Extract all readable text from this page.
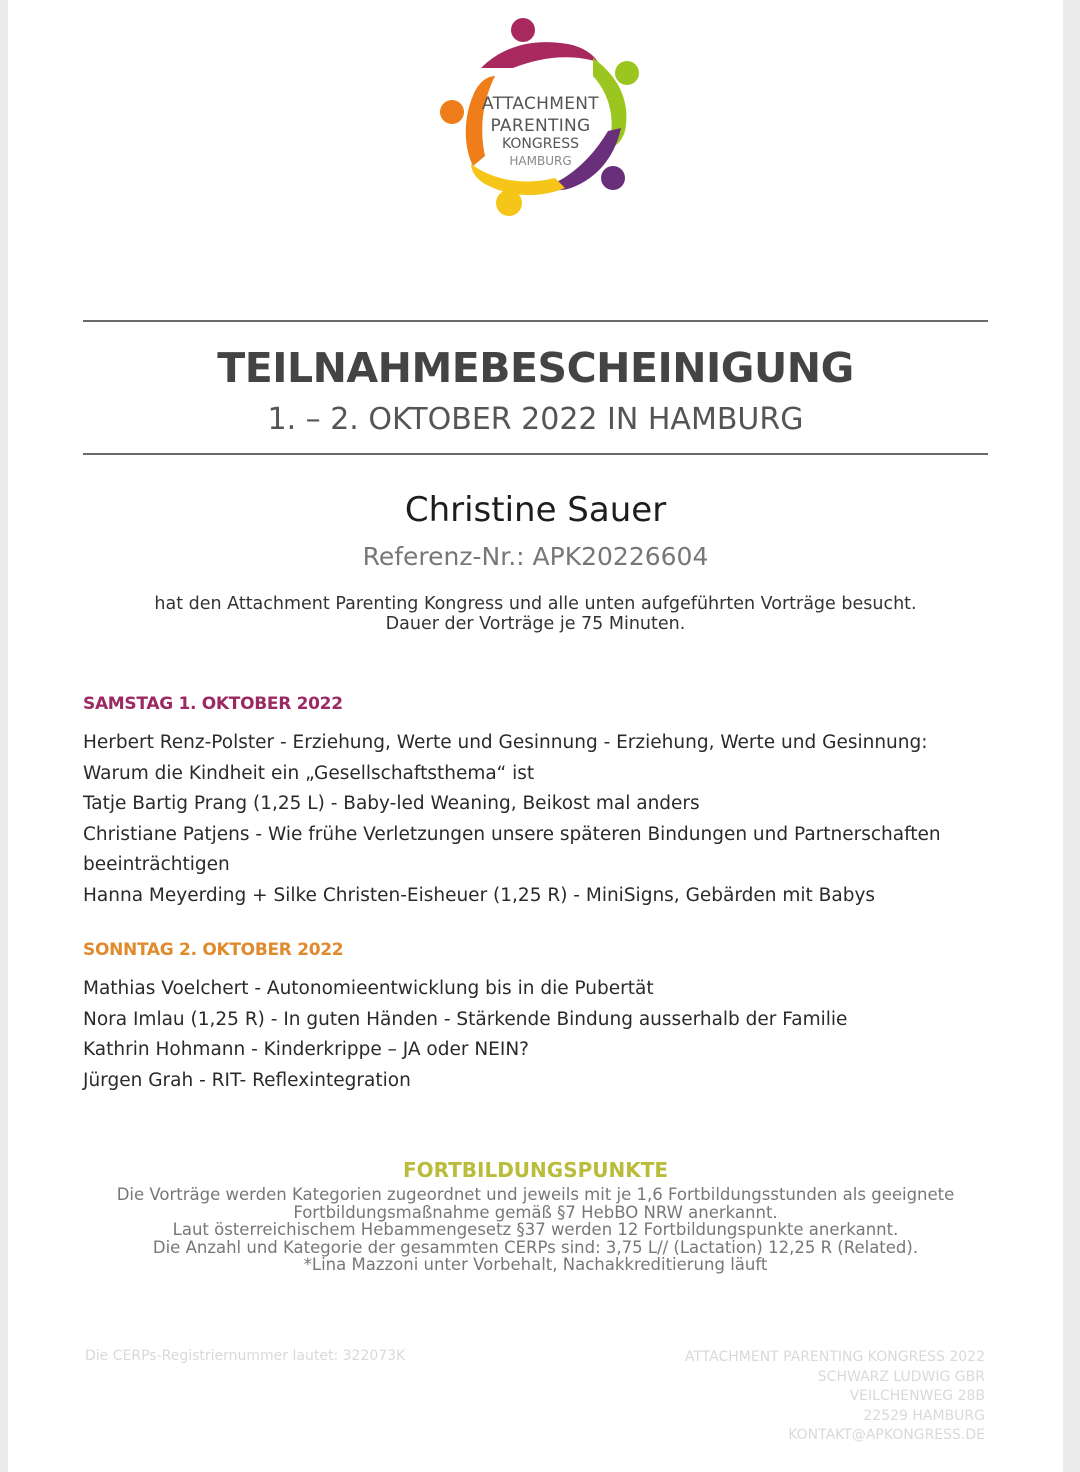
ATTACHMENT
PARENTING
KONGRESS
HAMBURG
TEILNAHMEBESCHEINIGUNG
1. – 2. OKTOBER 2022 IN HAMBURG
Christine Sauer
Referenz-Nr.: APK20226604
hat den Attachment Parenting Kongress und alle unten aufgeführten Vorträge besucht.
Dauer der Vorträge je 75 Minuten.
SAMSTAG 1. OKTOBER 2022

Herbert Renz-Polster - Erziehung, Werte und Gesinnung - Erziehung, Werte und Gesinnung: Warum die Kindheit ein „Gesellschaftsthema“ ist

Tatje Bartig Prang (1,25 L) - Baby-led Weaning, Beikost mal anders

Christiane Patjens - Wie frühe Verletzungen unsere späteren Bindungen und Partnerschaften beeinträchtigen

Hanna Meyerding + Silke Christen-Eisheuer (1,25 R) - MiniSigns, Gebärden mit Babys

SONNTAG 2. OKTOBER 2022

Mathias Voelchert - Autonomieentwicklung bis in die Pubertät

Nora Imlau (1,25 R) - In guten Händen - Stärkende Bindung ausserhalb der Familie

Kathrin Hohmann - Kinderkrippe – JA oder NEIN?

Jürgen Grah - RIT- Reflexintegration

FORTBILDUNGSPUNKTE
Die Vorträge werden Kategorien zugeordnet und jeweils mit je 1,6 Fortbildungsstunden als geeignete
Fortbildungsmaßnahme gemäß §7 HebBO NRW anerkannt.
Laut österreichischem Hebammengesetz §37 werden 12 Fortbildungspunkte anerkannt.
Die Anzahl und Kategorie der gesammten CERPs sind: 3,75 L// (Lactation) 12,25 R (Related).
*Lina Mazzoni unter Vorbehalt, Nachakkreditierung läuft
Die CERPs-Registriernummer lautet: 322073K	ATTACHMENT PARENTING KONGRESS 2022
SCHWARZ LUDWIG GBR
VEILCHENWEG 28B
22529 HAMBURG
KONTAKT@APKONGRESS.DE
